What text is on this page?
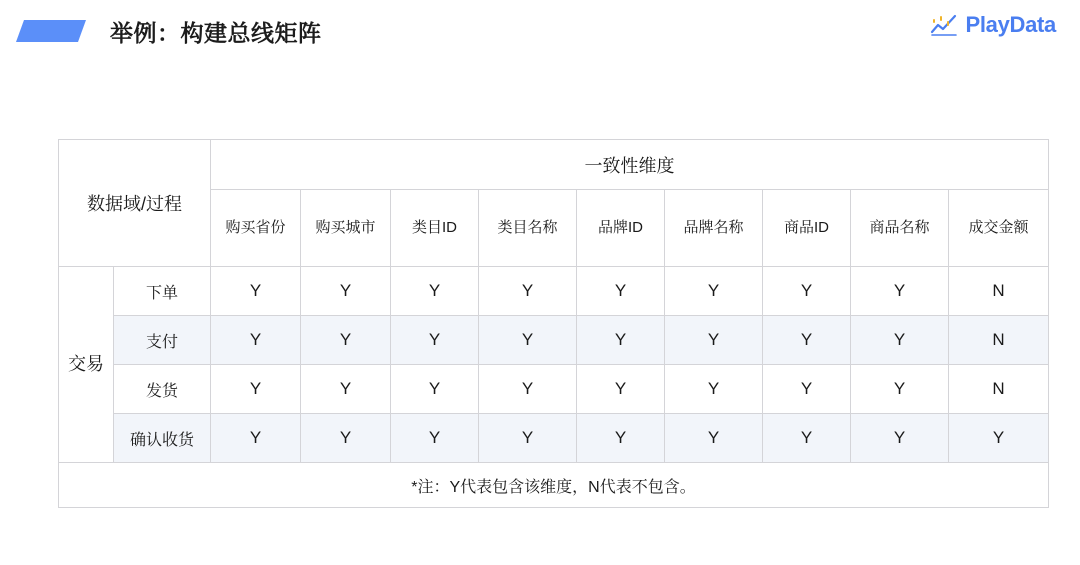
举例：构建总线矩阵	PlayData
数据域/过程		一致性维度								
		购买省份	购买城市	类目ID	类目名称	品牌ID	品牌名称	商品ID	商品名称	成交金额
交易	下单	Y	Y	Y	Y	Y	Y	Y	Y	N
	支付	Y	Y	Y	Y	Y	Y	Y	Y	N
	发货	Y	Y	Y	Y	Y	Y	Y	Y	N
	确认收货	Y	Y	Y	Y	Y	Y	Y	Y	Y
*注：Y代表包含该维度，N代表不包含。										
